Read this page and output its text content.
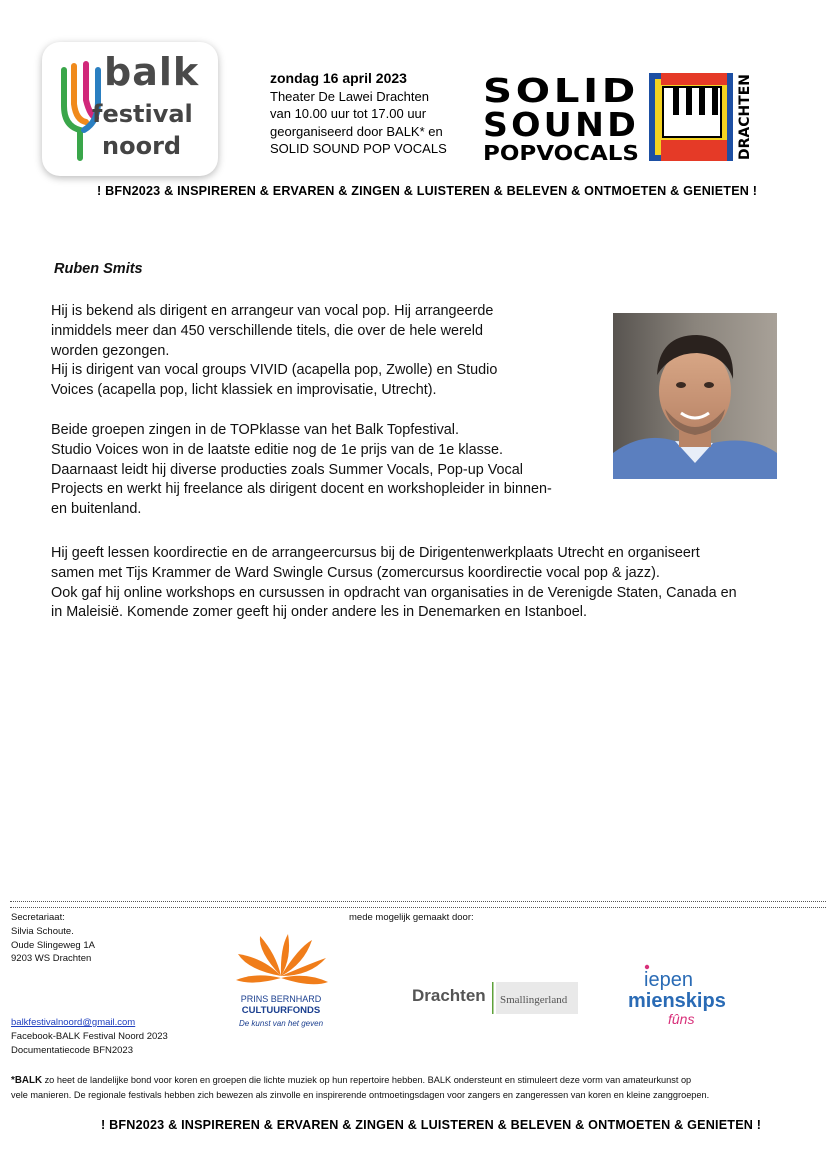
balk
festival
noord
zondag 16 april 2023
Theater De Lawei Drachten
van 10.00 uur tot 17.00 uur
georganiseerd door BALK* en
SOLID SOUND POP VOCALS
SOLID
SOUND
POPVOCALS	DRACHTEN
! BFN2023 & INSPIREREN & ERVAREN & ZINGEN & LUISTEREN & BELEVEN & ONTMOETEN & GENIETEN !
Ruben Smits
Hij is bekend als dirigent en arrangeur van vocal pop. Hij arrangeerde
inmiddels meer dan 450 verschillende titels, die over de hele wereld
worden gezongen.
Hij is dirigent van vocal groups VIVID (acapella pop, Zwolle) en Studio
Voices (acapella pop, licht klassiek en improvisatie, Utrecht).
Beide groepen zingen in de TOPklasse van het Balk Topfestival.
Studio Voices won in de laatste editie nog de 1e prijs van de 1e klasse.
Daarnaast leidt hij diverse producties zoals Summer Vocals, Pop-up Vocal
Projects en werkt hij freelance als dirigent docent en workshopleider in binnen-
en buitenland.
Hij geeft lessen koordirectie en de arrangeercursus bij de Dirigentenwerkplaats Utrecht en organiseert
samen met Tijs Krammer de Ward Swingle Cursus (zomercursus koordirectie vocal pop & jazz).
Ook gaf hij online workshops en cursussen in opdracht van organisaties in de Verenigde Staten, Canada en
in Maleisië. Komende zomer geeft hij onder andere les in Denemarken en Istanboel.
Secretariaat:
Silvia Schoute.
Oude Slingeweg 1A
9203 WS Drachten
balkfestivalnoord@gmail.com
Facebook-BALK Festival Noord 2023
Documentatiecode BFN2023
mede mogelijk gemaakt door:
PRINS BERNHARD
CULTUURFONDS
De kunst van het geven
Drachten Smallingerland
iepen
mienskips
fûns
*BALK zo heet de landelijke bond voor koren en groepen die lichte muziek op hun repertoire hebben. BALK ondersteunt en stimuleert deze vorm van amateurkunst op
vele manieren. De regionale festivals hebben zich bewezen als zinvolle en inspirerende ontmoetingsdagen voor zangers en zangeressen van koren en kleine zanggroepen.
! BFN2023 & INSPIREREN & ERVAREN & ZINGEN & LUISTEREN & BELEVEN & ONTMOETEN & GENIETEN !
